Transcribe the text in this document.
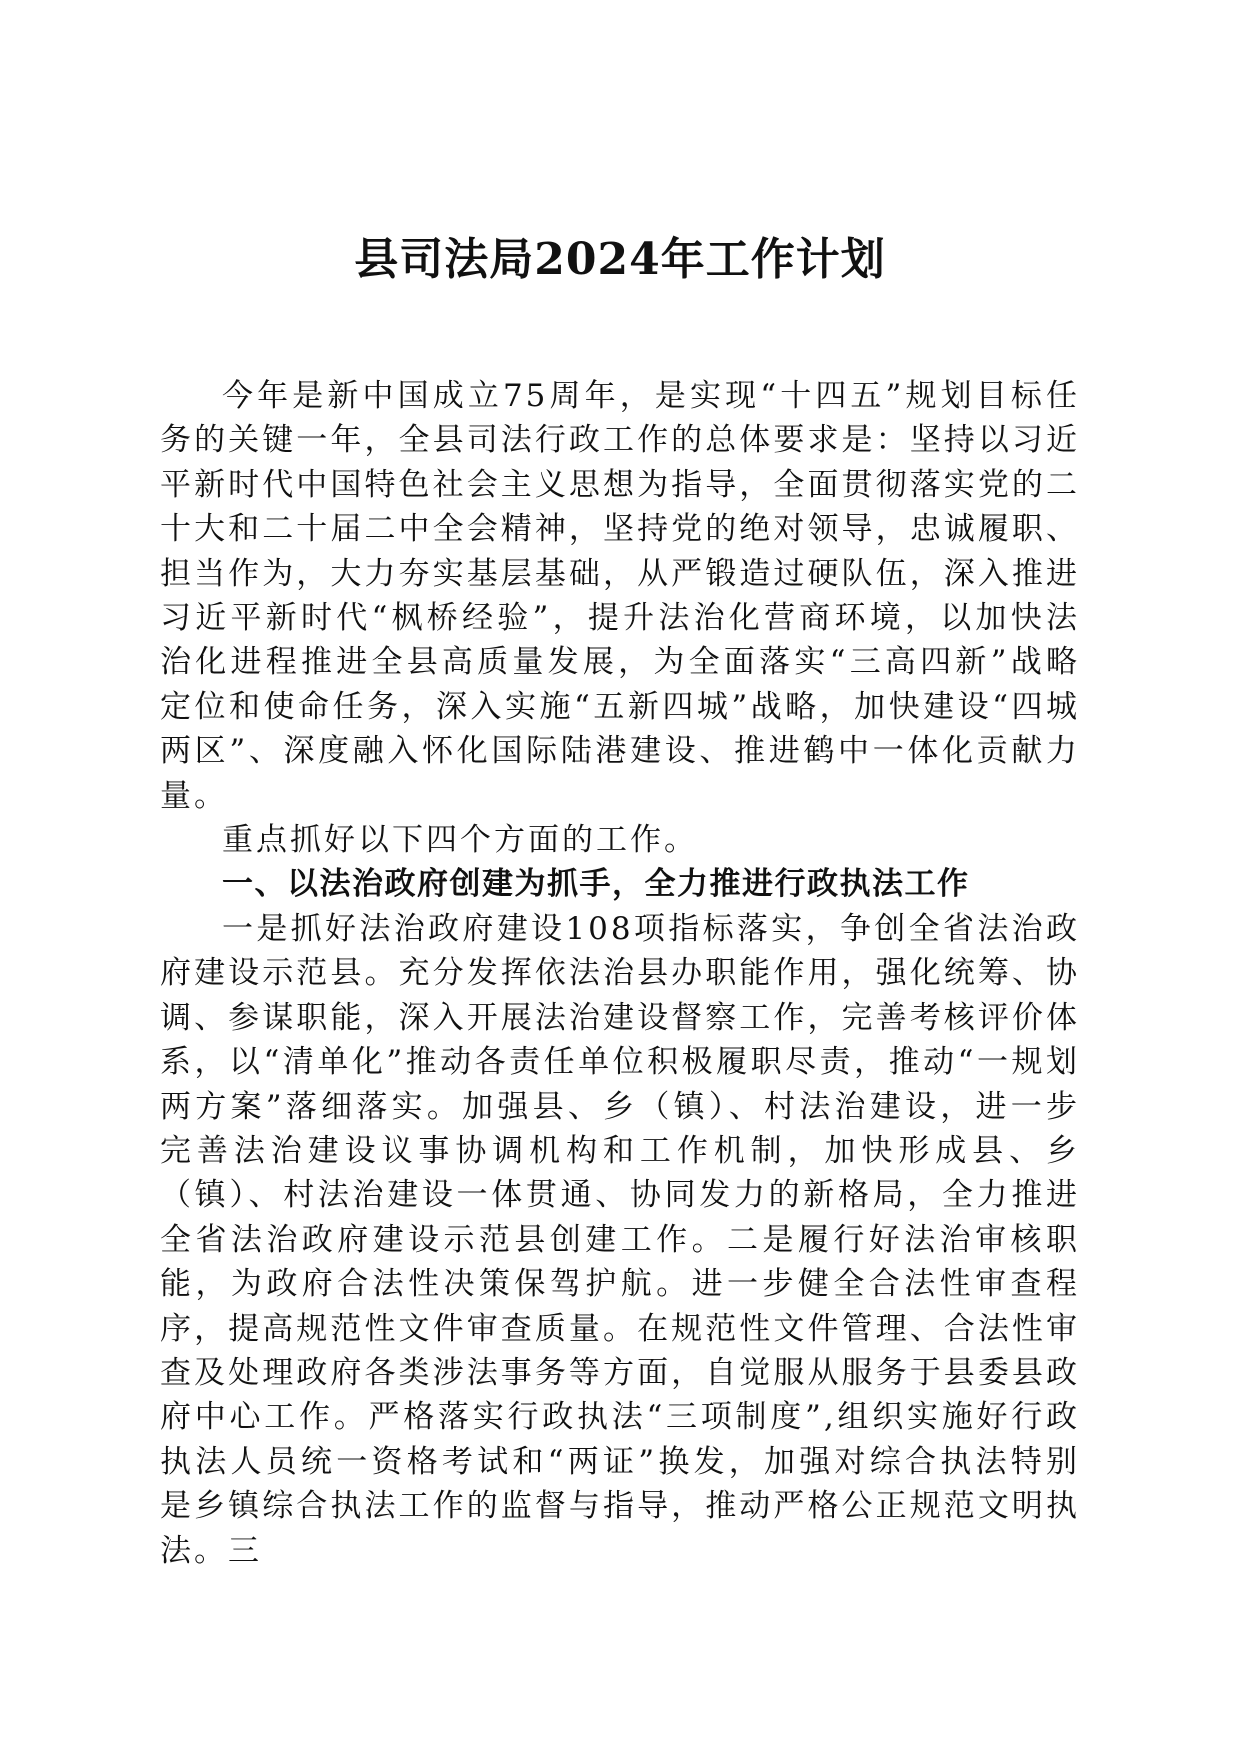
县司法局2024年工作计划

今年是新中国成立75周年，是实现“十四五”规划目标任务的关键一年，全县司法行政工作的总体要求是：坚持以习近平新时代中国特色社会主义思想为指导，全面贯彻落实党的二十大和二十届二中全会精神，坚持党的绝对领导，忠诚履职、担当作为，大力夯实基层基础，从严锻造过硬队伍，深入推进习近平新时代“枫桥经验”，提升法治化营商环境，以加快法治化进程推进全县高质量发展，为全面落实“三高四新”战略定位和使命任务，深入实施“五新四城”战略，加快建设“四城两区”、深度融入怀化国际陆港建设、推进鹤中一体化贡献力量。

重点抓好以下四个方面的工作。

一、以法治政府创建为抓手，全力推进行政执法工作

一是抓好法治政府建设108项指标落实，争创全省法治政府建设示范县。充分发挥依法治县办职能作用，强化统筹、协调、参谋职能，深入开展法治建设督察工作，完善考核评价体系，以“清单化”推动各责任单位积极履职尽责，推动“一规划两方案”落细落实。加强县、乡（镇）、村法治建设，进一步完善法治建设议事协调机构和工作机制，加快形成县、乡（镇）、村法治建设一体贯通、协同发力的新格局，全力推进全省法治政府建设示范县创建工作。二是履行好法治审核职能，为政府合法性决策保驾护航。进一步健全合法性审查程序，提高规范性文件审查质量。在规范性文件管理、合法性审查及处理政府各类涉法事务等方面，自觉服从服务于县委县政府中心工作。严格落实行政执法“三项制度”,组织实施好行政执法人员统一资格考试和“两证”换发，加强对综合执法特别是乡镇综合执法工作的监督与指导，推动严格公正规范文明执法。三
